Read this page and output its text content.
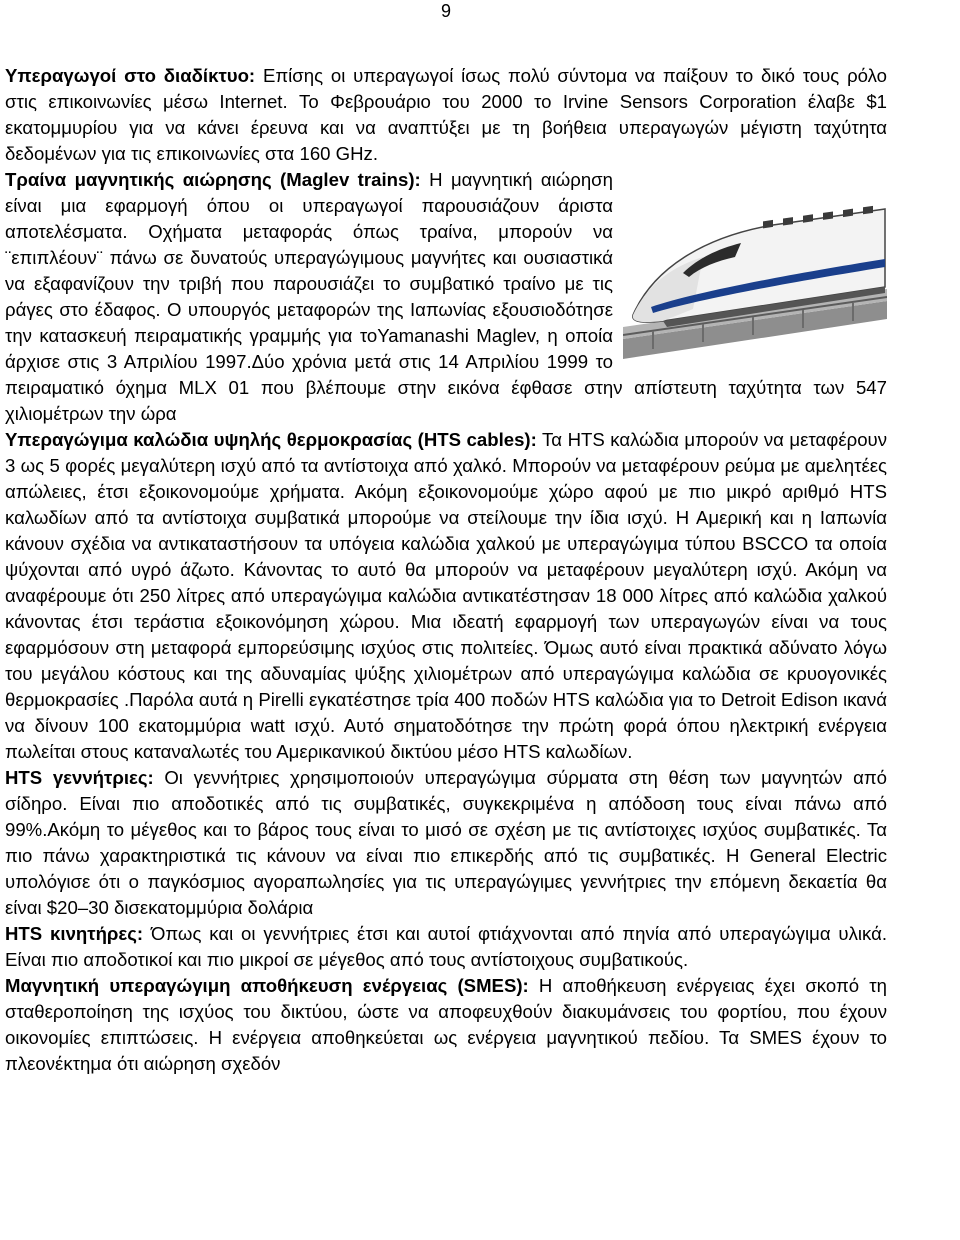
9

Υπεραγωγοί στο διαδίκτυο: Επίσης οι υπεραγωγοί ίσως πολύ σύντομα να παίξουν το δικό τους ρόλο στις επικοινωνίες μέσω Internet. Το Φεβρουάριο του 2000 το Irvine Sensors Corporation έλαβε $1 εκατομμυρίου για να κάνει έρευνα και να αναπτύξει με τη βοήθεια υπεραγωγών μέγιστη ταχύτητα δεδομένων για τις επικοινωνίες στα 160 GHz.

Τραίνα μαγνητικής αιώρησης (Maglev trains):
Η μαγνητική αιώρηση είναι μια εφαρμογή όπου οι υπεραγωγοί παρουσιάζουν άριστα αποτελέσματα. Οχήματα μεταφοράς όπως τραίνα, μπορούν να ¨επιπλέουν¨ πάνω σε δυνατούς υπεραγώγιμους μαγνήτες και ουσιαστικά να εξαφανίζουν την τριβή που παρουσιάζει το συμβατικό τραίνο με τις ράγες στο έδαφος. Ο υπουργός μεταφορών της Ιαπωνίας εξουσιοδότησε την κατασκευή πειραματικής γραμμής για τοYamanashi Maglev, η οποία άρχισε στις 3 Απριλίου 1997.Δύο χρόνια μετά στις 14 Απριλίου 1999 το πειραματικό όχημα MLX 01 που βλέπουμε στην εικόνα έφθασε στην απίστευτη ταχύτητα των 547 χιλιομέτρων την ώρα

Υπεραγώγιμα καλώδια υψηλής θερμοκρασίας (HTS cables): Τα HTS καλώδια μπορούν να μεταφέρουν 3 ως 5 φορές μεγαλύτερη ισχύ από τα αντίστοιχα από χαλκό. Μπορούν να μεταφέρουν ρεύμα με αμελητέες απώλειες, έτσι εξοικονομούμε χρήματα. Ακόμη εξοικονομούμε χώρο αφού με πιο μικρό αριθμό HTS καλωδίων από τα αντίστοιχα συμβατικά μπορούμε να στείλουμε την ίδια ισχύ. Η Αμερική και η Ιαπωνία κάνουν σχέδια να αντικαταστήσουν τα υπόγεια καλώδια χαλκού με υπεραγώγιμα τύπου BSCCO τα οποία ψύχονται από υγρό άζωτο. Κάνοντας το αυτό θα μπορούν να μεταφέρουν μεγαλύτερη ισχύ. Ακόμη να αναφέρουμε ότι 250 λίτρες από υπεραγώγιμα καλώδια αντικατέστησαν 18 000 λίτρες από καλώδια χαλκού κάνοντας έτσι τεράστια εξοικονόμηση χώρου. Μια ιδεατή εφαρμογή των υπεραγωγών είναι να τους εφαρμόσουν στη μεταφορά εμπορεύσιμης ισχύος στις πολιτείες. Όμως αυτό είναι πρακτικά αδύνατο λόγω του μεγάλου κόστους και της αδυναμίας ψύξης χιλιομέτρων από υπεραγώγιμα καλώδια σε κρυογονικές θερμοκρασίες .Παρόλα αυτά η Pirelli εγκατέστησε τρία 400 ποδών HTS καλώδια για το Detroit Edison ικανά να δίνουν 100 εκατομμύρια watt ισχύ. Αυτό σηματοδότησε την πρώτη φορά όπου ηλεκτρική ενέργεια πωλείται στους καταναλωτές του Αμερικανικού δικτύου μέσο HTS καλωδίων.

HTS γεννήτριες: Οι γεννήτριες χρησιμοποιούν υπεραγώγιμα σύρματα στη θέση των μαγνητών από σίδηρο. Είναι πιο αποδοτικές από τις συμβατικές, συγκεκριμένα η απόδοση τους είναι πάνω από 99%.Ακόμη το μέγεθος και το βάρος τους είναι το μισό σε σχέση με τις αντίστοιχες ισχύος συμβατικές. Τα πιο πάνω χαρακτηριστικά τις κάνουν να είναι πιο επικερδής από τις συμβατικές. Η General Electric υπολόγισε ότι ο παγκόσμιος αγοραπωλησίες για τις υπεραγώγιμες γεννήτριες την επόμενη δεκαετία θα είναι $20–30 δισεκατομμύρια δολάρια

HTS κινητήρες: Όπως και οι γεννήτριες έτσι και αυτοί φτιάχνονται από πηνία από υπεραγώγιμα υλικά. Είναι πιο αποδοτικοί και πιο μικροί σε μέγεθος από τους αντίστοιχους συμβατικούς.

Μαγνητική υπεραγώγιμη αποθήκευση ενέργειας (SMES): Η αποθήκευση ενέργειας έχει σκοπό τη σταθεροποίηση της ισχύος του δικτύου, ώστε να αποφευχθούν διακυμάνσεις του φορτίου, που έχουν οικονομίες επιπτώσεις. Η ενέργεια αποθηκεύεται ως ενέργεια μαγνητικού πεδίου. Τα SMES έχουν το πλεονέκτημα ότι αιώρηση σχεδόν
